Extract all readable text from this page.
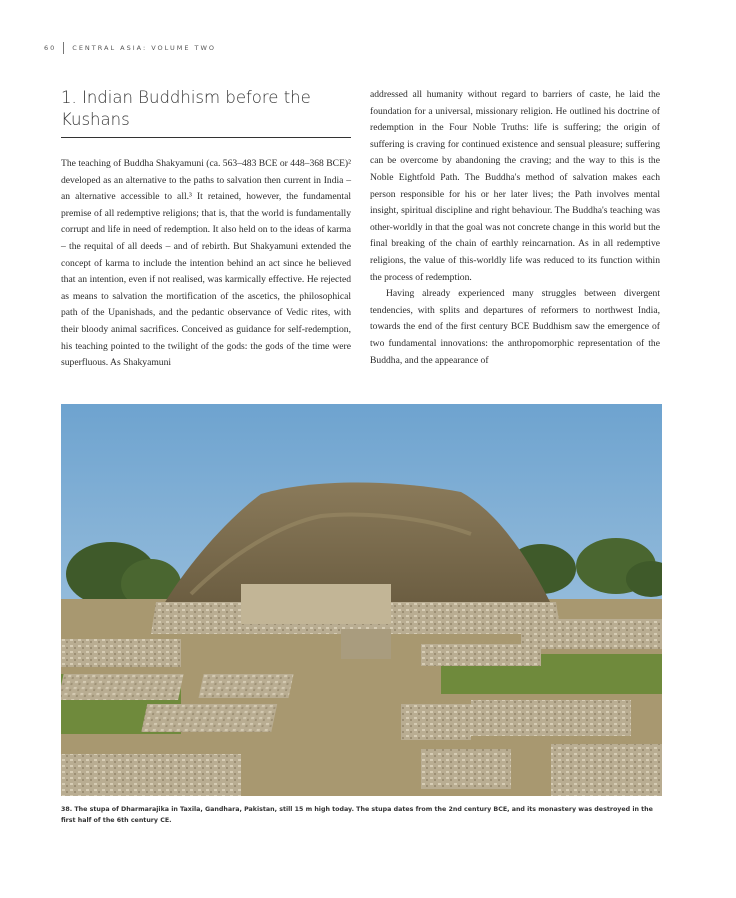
60 CENTRAL ASIA: VOLUME TWO
1. Indian Buddhism before the Kushans

The teaching of Buddha Shakyamuni (ca. 563–483 BCE or 448–368 BCE)² developed as an alternative to the paths to salvation then current in India – an alternative accessible to all.³ It retained, however, the fundamental premise of all redemptive religions; that is, that the world is fundamentally corrupt and life in need of redemption. It also held on to the ideas of karma – the requital of all deeds – and of rebirth. But Shakyamuni extended the concept of karma to include the intention behind an act since he believed that an intention, even if not realised, was karmically effective. He rejected as means to salvation the mortification of the ascetics, the philosophical path of the Upanishads, and the pedantic observance of Vedic rites, with their bloody animal sacrifices. Conceived as guidance for self-redemption, his teaching pointed to the twilight of the gods: the gods of the time were superfluous. As Shakyamuni

addressed all humanity without regard to barriers of caste, he laid the foundation for a universal, missionary religion. He outlined his doctrine of redemption in the Four Noble Truths: life is suffering; the origin of suffering is craving for continued existence and sensual pleasure; suffering can be overcome by abandoning the craving; and the way to this is the Noble Eightfold Path. The Buddha's method of salvation makes each person responsible for his or her later lives; the Path involves mental insight, spiritual discipline and right behaviour. The Buddha's teaching was other-worldly in that the goal was not concrete change in this world but the final breaking of the chain of earthly reincarnation. As in all redemptive religions, the value of this-worldly life was reduced to its function within the process of redemption.

Having already experienced many struggles between divergent tendencies, with splits and departures of reformers to northwest India, towards the end of the first century BCE Buddhism saw the emergence of two fundamental innovations: the anthropomorphic representation of the Buddha, and the appearance of

38. The stupa of Dharmarajika in Taxila, Gandhara, Pakistan, still 15 m high today. The stupa dates from the 2nd century BCE, and its monastery was destroyed in the first half of the 6th century CE.
